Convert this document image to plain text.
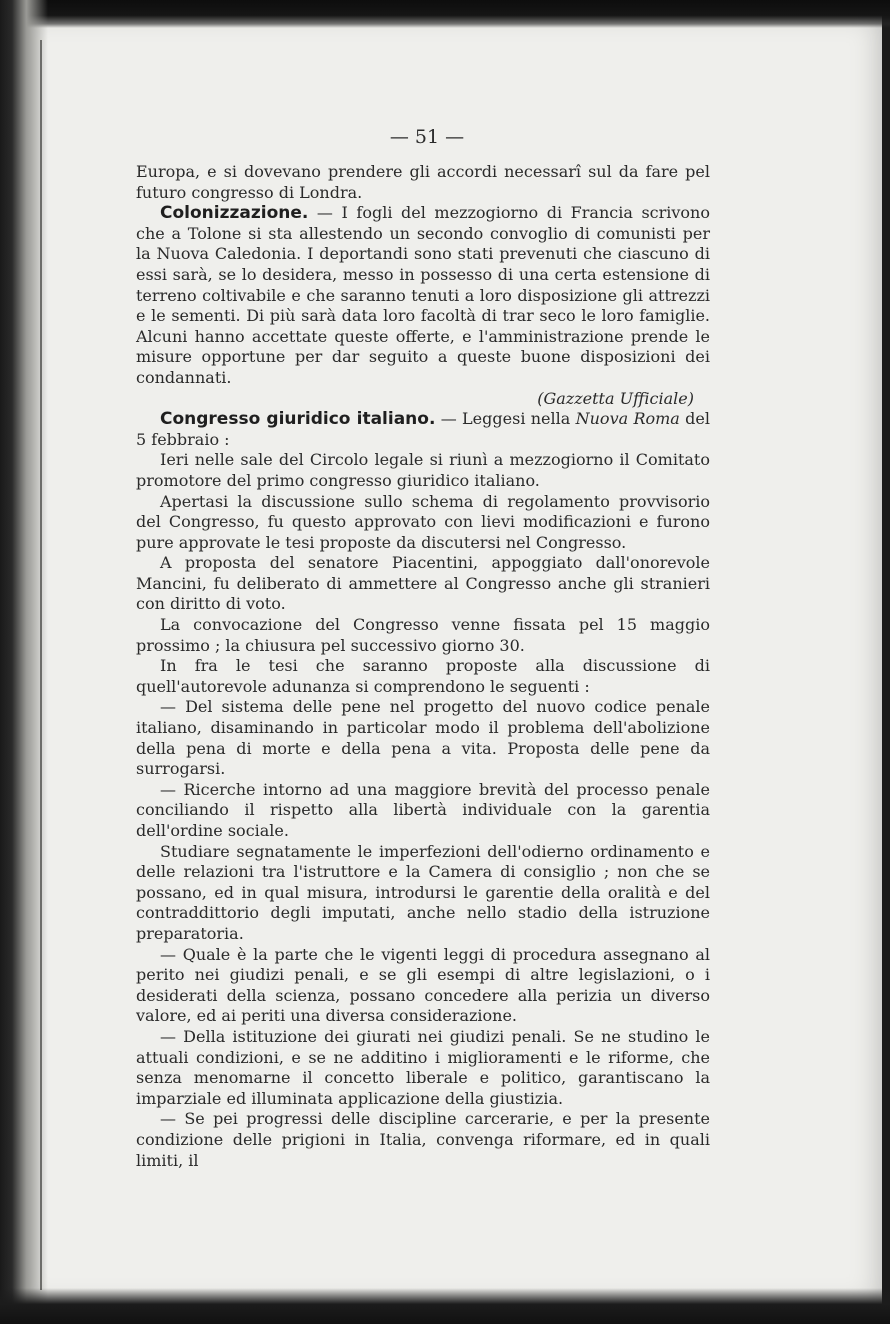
— 51 —

Europa, e si dovevano prendere gli accordi necessarî sul da fare pel futuro congresso di Londra.

Colonizzazione. — I fogli del mezzogiorno di Francia scrivono che a Tolone si sta allestendo un secondo convoglio di comunisti per la Nuova Caledonia. I deportandi sono stati prevenuti che ciascuno di essi sarà, se lo desidera, messo in possesso di una certa estensione di terreno coltivabile e che saranno tenuti a loro disposizione gli attrezzi e le sementi. Di più sarà data loro facoltà di trar seco le loro famiglie. Alcuni hanno accettate queste offerte, e l'amministrazione prende le misure opportune per dar seguito a queste buone disposizioni dei condannati.

(Gazzetta Ufficiale)

Congresso giuridico italiano. — Leggesi nella Nuova Roma del 5 febbraio :

Ieri nelle sale del Circolo legale si riunì a mezzogiorno il Comitato promotore del primo congresso giuridico italiano.

Apertasi la discussione sullo schema di regolamento provvisorio del Congresso, fu questo approvato con lievi modificazioni e furono pure approvate le tesi proposte da discutersi nel Congresso.

A proposta del senatore Piacentini, appoggiato dall'onorevole Mancini, fu deliberato di ammettere al Congresso anche gli stranieri con diritto di voto.

La convocazione del Congresso venne fissata pel 15 maggio prossimo ; la chiusura pel successivo giorno 30.

In fra le tesi che saranno proposte alla discussione di quell'autorevole adunanza si comprendono le seguenti :

— Del sistema delle pene nel progetto del nuovo codice penale italiano, disaminando in particolar modo il problema dell'abolizione della pena di morte e della pena a vita. Proposta delle pene da surrogarsi.

— Ricerche intorno ad una maggiore brevità del processo penale conciliando il rispetto alla libertà individuale con la garentia dell'ordine sociale.

Studiare segnatamente le imperfezioni dell'odierno ordinamento e delle relazioni tra l'istruttore e la Camera di consiglio ; non che se possano, ed in qual misura, introdursi le garentie della oralità e del contraddittorio degli imputati, anche nello stadio della istruzione preparatoria.

— Quale è la parte che le vigenti leggi di procedura assegnano al perito nei giudizi penali, e se gli esempi di altre legislazioni, o i desiderati della scienza, possano concedere alla perizia un diverso valore, ed ai periti una diversa considerazione.

— Della istituzione dei giurati nei giudizi penali. Se ne studino le attuali condizioni, e se ne additino i miglioramenti e le riforme, che senza menomarne il concetto liberale e politico, garantiscano la imparziale ed illuminata applicazione della giustizia.

— Se pei progressi delle discipline carcerarie, e per la presente condizione delle prigioni in Italia, convenga riformare, ed in quali limiti, il
